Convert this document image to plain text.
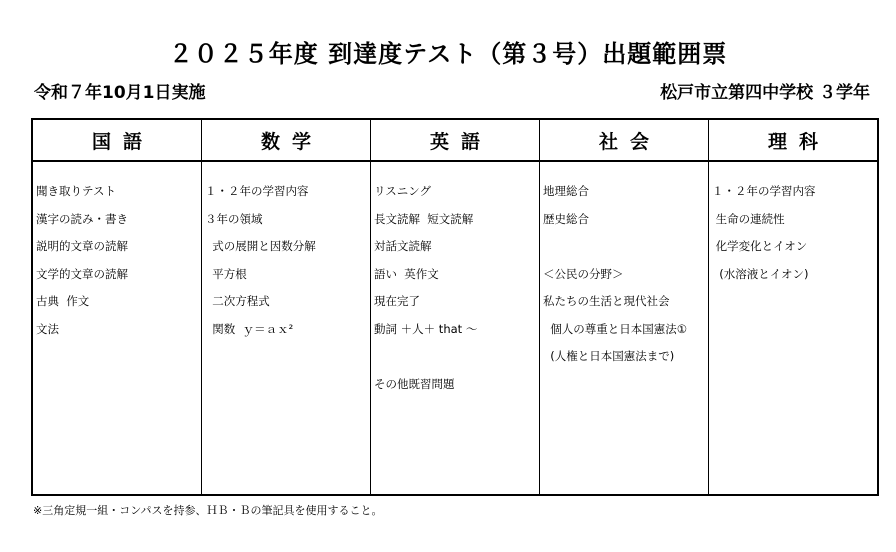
２０２５年度 到達度テスト（第３号）出題範囲票
令和７年10月1日実施	松戸市立第四中学校 ３学年
国語
聞き取りテスト
漢字の読み・書き
説明的文章の読解
文学的文章の読解
古典  作文
文法
数学
１・２年の学習内容
３年の領域
式の展開と因数分解
平方根
二次方程式
関数  ｙ＝ａｘ²
英語
リスニング
長文読解  短文読解
対話文読解
語い  英作文
現在完了
動詞 ＋人＋ that ～
その他既習問題
社会
地理総合
歴史総合
＜公民の分野＞
私たちの生活と現代社会
個人の尊重と日本国憲法①
(人権と日本国憲法まで)
理科
１・２年の学習内容
生命の連続性
化学変化とイオン
(水溶液とイオン)
※三角定規一組・コンパスを持参、ＨＢ・Ｂの筆記具を使用すること。
